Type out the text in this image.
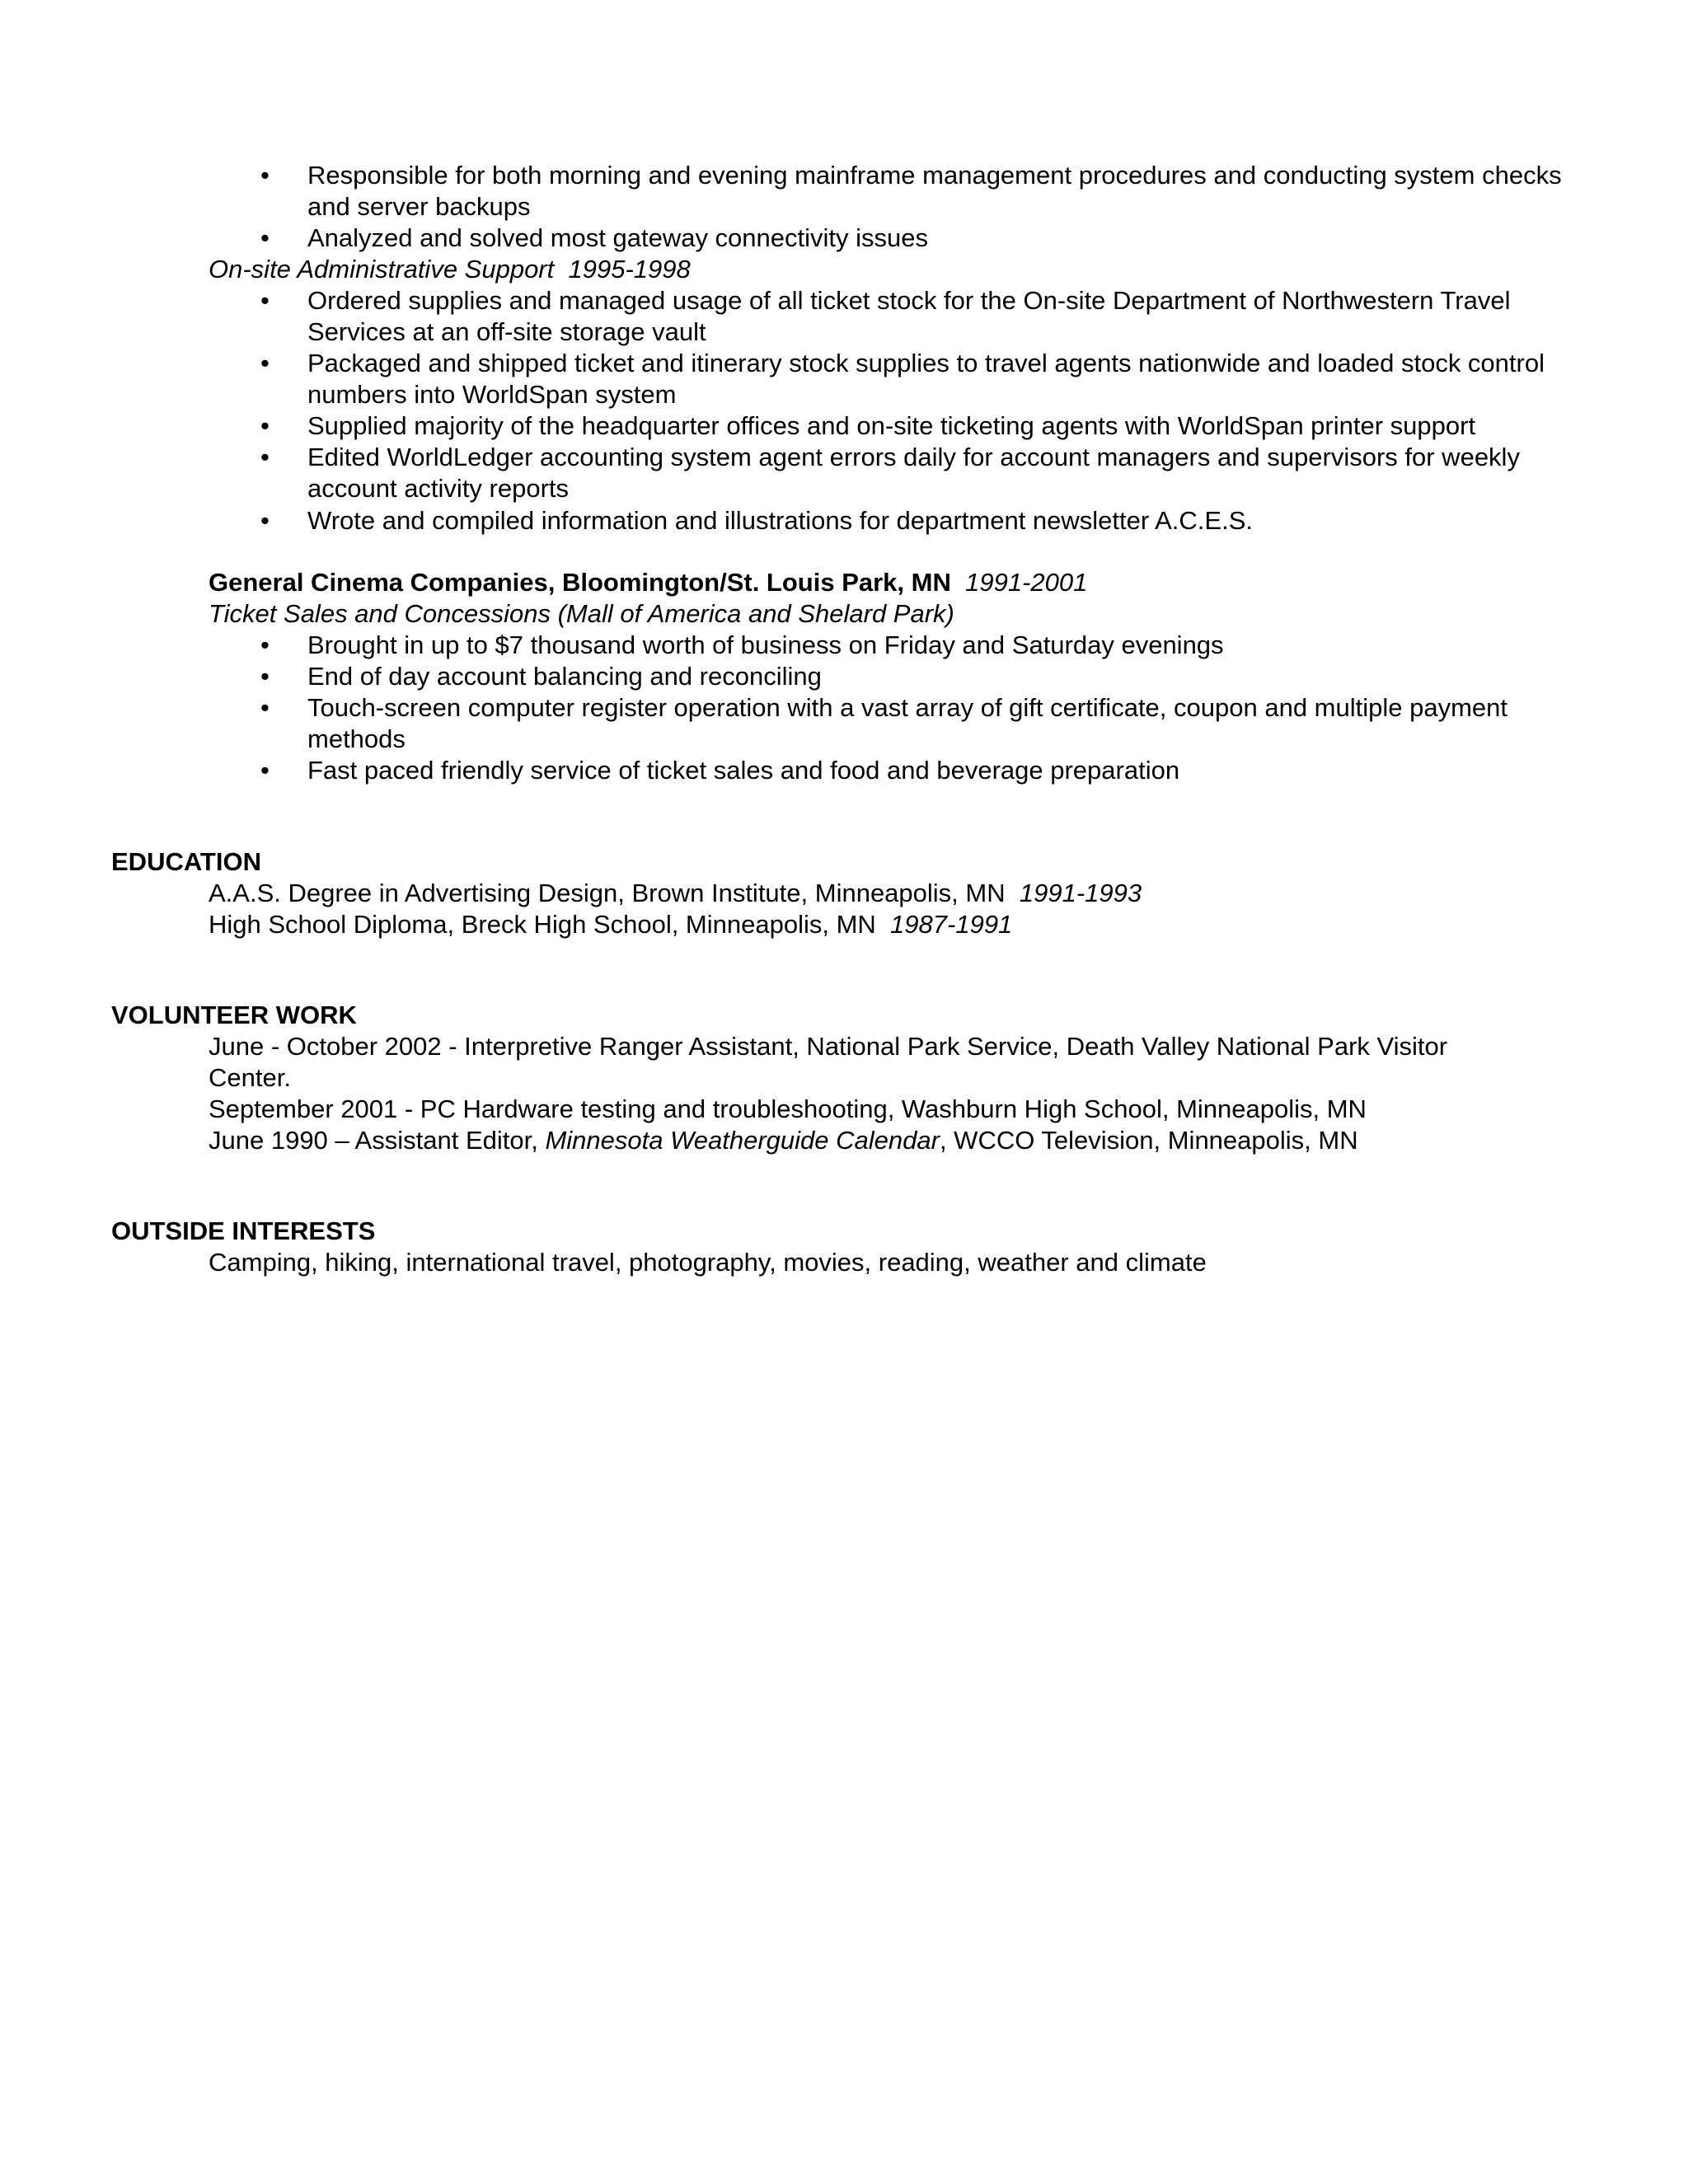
• Responsible for both morning and evening mainframe management procedures and conducting system checks and server backups
• Analyzed and solved most gateway connectivity issues
On-site Administrative Support 1995-1998
• Ordered supplies and managed usage of all ticket stock for the On-site Department of Northwestern Travel Services at an off-site storage vault
• Packaged and shipped ticket and itinerary stock supplies to travel agents nationwide and loaded stock control numbers into WorldSpan system
• Supplied majority of the headquarter offices and on-site ticketing agents with WorldSpan printer support
• Edited WorldLedger accounting system agent errors daily for account managers and supervisors for weekly account activity reports
• Wrote and compiled information and illustrations for department newsletter A.C.E.S.
General Cinema Companies, Bloomington/St. Louis Park, MN 1991-2001
Ticket Sales and Concessions (Mall of America and Shelard Park)
• Brought in up to $7 thousand worth of business on Friday and Saturday evenings
• End of day account balancing and reconciling
• Touch-screen computer register operation with a vast array of gift certificate, coupon and multiple payment methods
• Fast paced friendly service of ticket sales and food and beverage preparation
EDUCATION
A.A.S. Degree in Advertising Design, Brown Institute, Minneapolis, MN 1991-1993
High School Diploma, Breck High School, Minneapolis, MN 1987-1991
VOLUNTEER WORK
June - October 2002 - Interpretive Ranger Assistant, National Park Service, Death Valley National Park Visitor
Center.
September 2001 - PC Hardware testing and troubleshooting, Washburn High School, Minneapolis, MN
June 1990 – Assistant Editor, Minnesota Weatherguide Calendar, WCCO Television, Minneapolis, MN
OUTSIDE INTERESTS
Camping, hiking, international travel, photography, movies, reading, weather and climate
